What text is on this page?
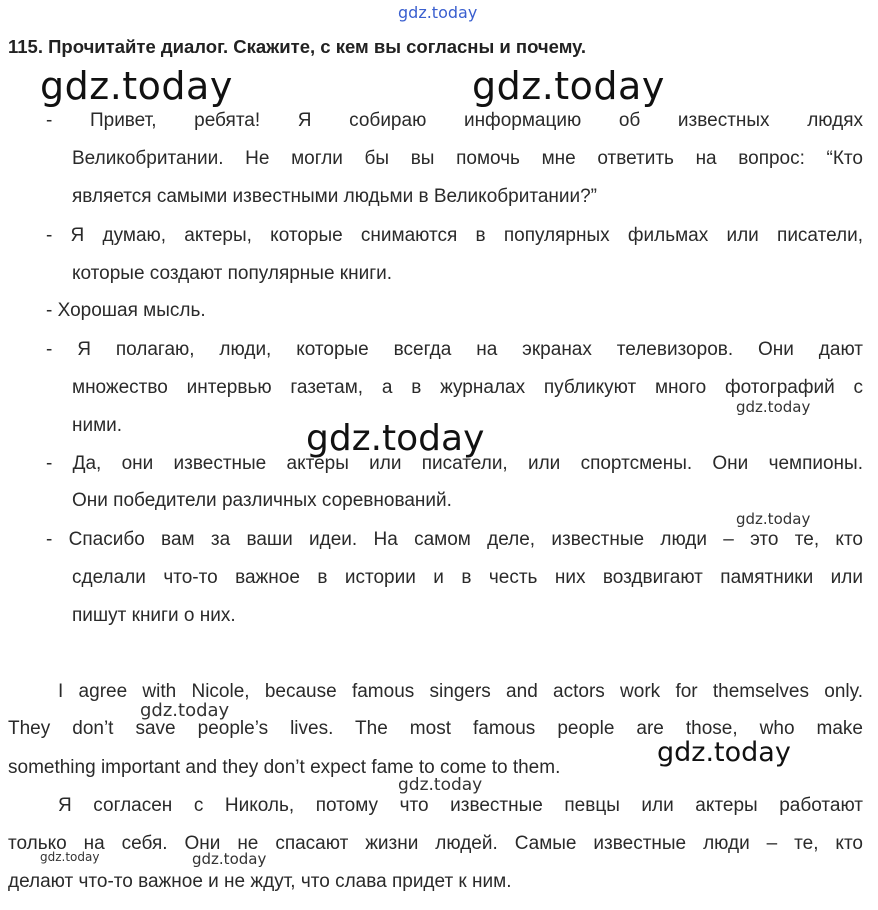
gdz.today
115. Прочитайте диалог. Скажите, с кем вы согласны и почему.
gdz.today	gdz.today
- Привет, ребята! Я собираю информацию об известных людях
Великобритании. Не могли бы вы помочь мне ответить на вопрос: “Кто
является самыми известными людьми в Великобритании?”
- Я думаю, актеры, которые снимаются в популярных фильмах или писатели,
которые создают популярные книги.
- Хорошая мысль.
- Я полагаю, люди, которые всегда на экранах телевизоров. Они дают
множество интервью газетам, а в журналах публикуют много фотографий с
ними.
- Да, они известные актеры или писатели, или спортсмены. Они чемпионы.
Они победители различных соревнований.
- Спасибо вам за ваши идеи. На самом деле, известные люди – это те, кто
сделали что-то важное в истории и в честь них воздвигают памятники или
пишут книги о них.
gdz.today
gdz.today
gdz.today
I agree with Nicole, because famous singers and actors work for themselves only.
They don’t save people’s lives. The most famous people are those, who make
something important and they don’t expect fame to come to them.
gdz.today
gdz.today
gdz.today
Я согласен с Николь, потому что известные певцы или актеры работают
только на себя. Они не спасают жизни людей. Самые известные люди – те, кто
делают что-то важное и не ждут, что слава придет к ним.
gdz.today	gdz.today
